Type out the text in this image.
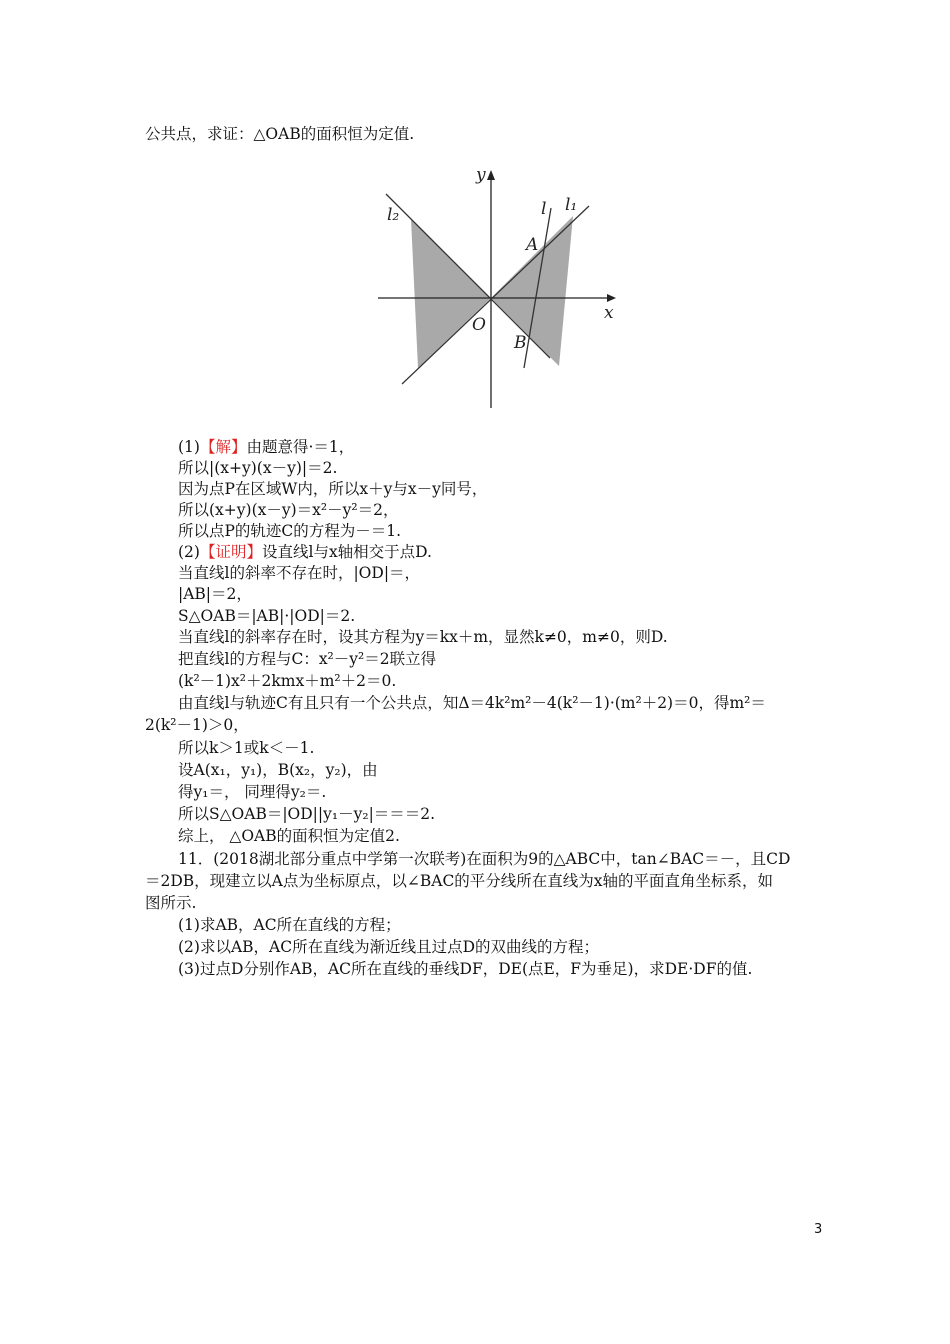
公共点，求证：△OAB的面积恒为定值.
y
x
O
A
B
l l₁
l₂
(1)【解】由题意得·＝1，
所以|(x+y)(x－y)|＝2.
因为点P在区域W内，所以x＋y与x－y同号，
所以(x+y)(x－y)＝x²－y²＝2，
所以点P的轨迹C的方程为－＝1.
(2)【证明】设直线l与x轴相交于点D.
当直线l的斜率不存在时，|OD|＝，
|AB|＝2，
S△OAB＝|AB|·|OD|＝2.
当直线l的斜率存在时，设其方程为y＝kx＋m，显然k≠0，m≠0，则D.
把直线l的方程与C：x²－y²＝2联立得
(k²－1)x²＋2kmx＋m²＋2＝0.
由直线l与轨迹C有且只有一个公共点，知Δ＝4k²m²－4(k²－1)·(m²＋2)＝0，得m²＝
2(k²－1)＞0，
所以k＞1或k＜－1.
设A(x₁，y₁)，B(x₂，y₂)，由
得y₁＝， 同理得y₂＝.
所以S△OAB＝|OD||y₁－y₂|＝＝＝2.
综上， △OAB的面积恒为定值2.
11．(2018湖北部分重点中学第一次联考)在面积为9的△ABC中，tan∠BAC＝－，且CD
＝2DB，现建立以A点为坐标原点，以∠BAC的平分线所在直线为x轴的平面直角坐标系，如
图所示.
(1)求AB，AC所在直线的方程；
(2)求以AB，AC所在直线为渐近线且过点D的双曲线的方程；
(3)过点D分别作AB，AC所在直线的垂线DF，DE(点E，F为垂足)，求DE·DF的值.
3
